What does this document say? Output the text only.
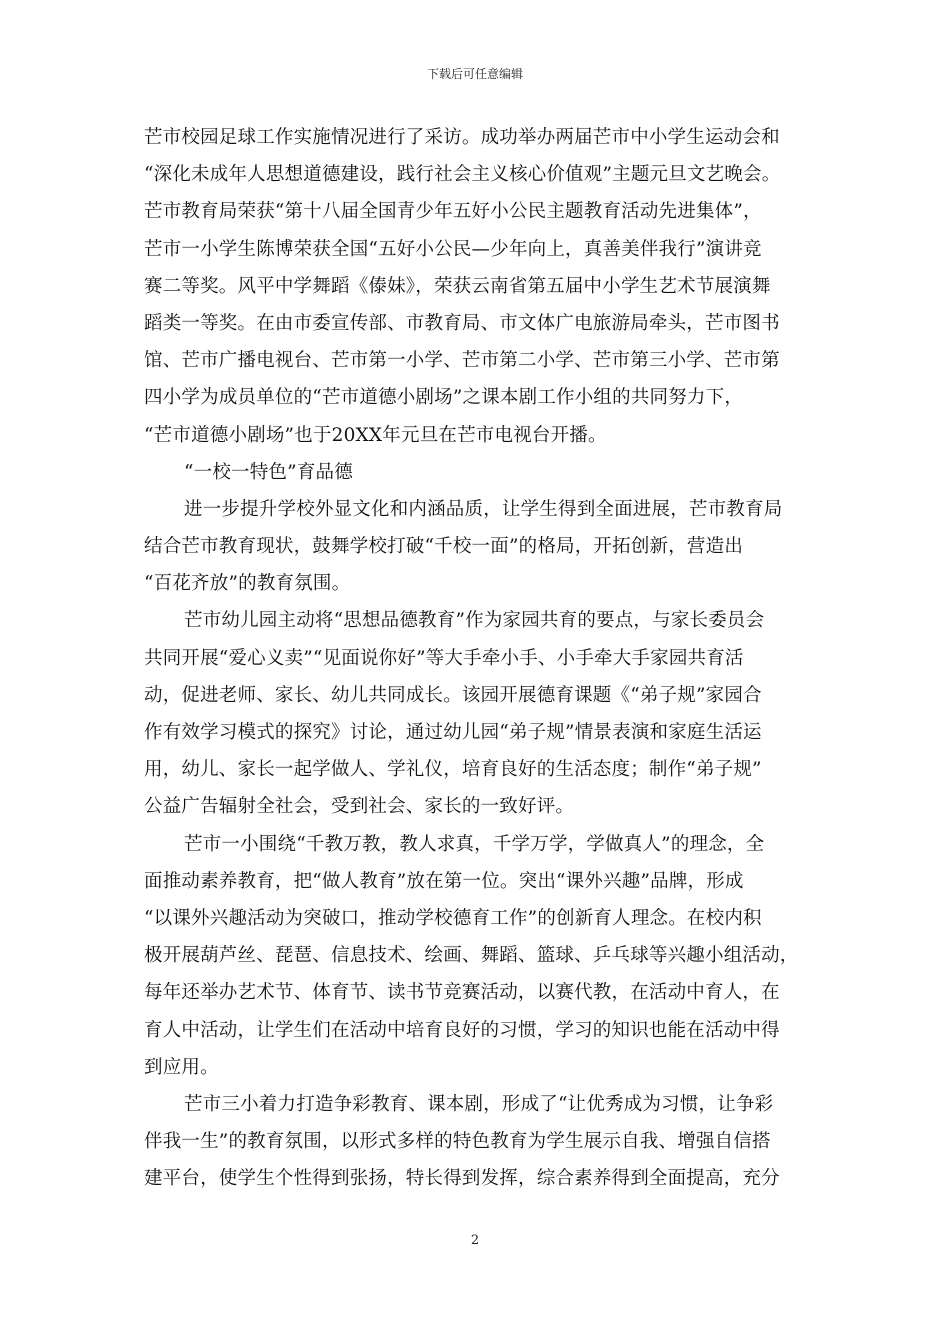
下载后可任意编辑
芒市校园足球工作实施情况进行了采访。成功举办两届芒市中小学生运动会和
“深化未成年人思想道德建设，践行社会主义核心价值观”主题元旦文艺晚会。
芒市教育局荣获“第十八届全国青少年五好小公民主题教育活动先进集体”，
芒市一小学生陈博荣获全国“五好小公民—少年向上，真善美伴我行”演讲竞
赛二等奖。风平中学舞蹈《傣妹》，荣获云南省第五届中小学生艺术节展演舞
蹈类一等奖。在由市委宣传部、市教育局、市文体广电旅游局牵头，芒市图书
馆、芒市广播电视台、芒市第一小学、芒市第二小学、芒市第三小学、芒市第
四小学为成员单位的“芒市道德小剧场”之课本剧工作小组的共同努力下，
“芒市道德小剧场”也于20XX年元旦在芒市电视台开播。
“一校一特色”育品德
进一步提升学校外显文化和内涵品质，让学生得到全面进展，芒市教育局
结合芒市教育现状，鼓舞学校打破“千校一面”的格局，开拓创新，营造出
“百花齐放”的教育氛围。
芒市幼儿园主动将“思想品德教育”作为家园共育的要点，与家长委员会
共同开展“爱心义卖”“见面说你好”等大手牵小手、小手牵大手家园共育活
动，促进老师、家长、幼儿共同成长。该园开展德育课题《“弟子规”家园合
作有效学习模式的探究》讨论，通过幼儿园“弟子规”情景表演和家庭生活运
用，幼儿、家长一起学做人、学礼仪，培育良好的生活态度；制作“弟子规”
公益广告辐射全社会，受到社会、家长的一致好评。
芒市一小围绕“千教万教，教人求真，千学万学，学做真人”的理念，全
面推动素养教育，把“做人教育”放在第一位。突出“课外兴趣”品牌，形成
“以课外兴趣活动为突破口，推动学校德育工作”的创新育人理念。在校内积
极开展葫芦丝、琵琶、信息技术、绘画、舞蹈、篮球、乒乓球等兴趣小组活动，
每年还举办艺术节、体育节、读书节竞赛活动，以赛代教，在活动中育人，在
育人中活动，让学生们在活动中培育良好的习惯，学习的知识也能在活动中得
到应用。
芒市三小着力打造争彩教育、课本剧，形成了“让优秀成为习惯，让争彩
伴我一生”的教育氛围，以形式多样的特色教育为学生展示自我、增强自信搭
建平台，使学生个性得到张扬，特长得到发挥，综合素养得到全面提高，充分
2
